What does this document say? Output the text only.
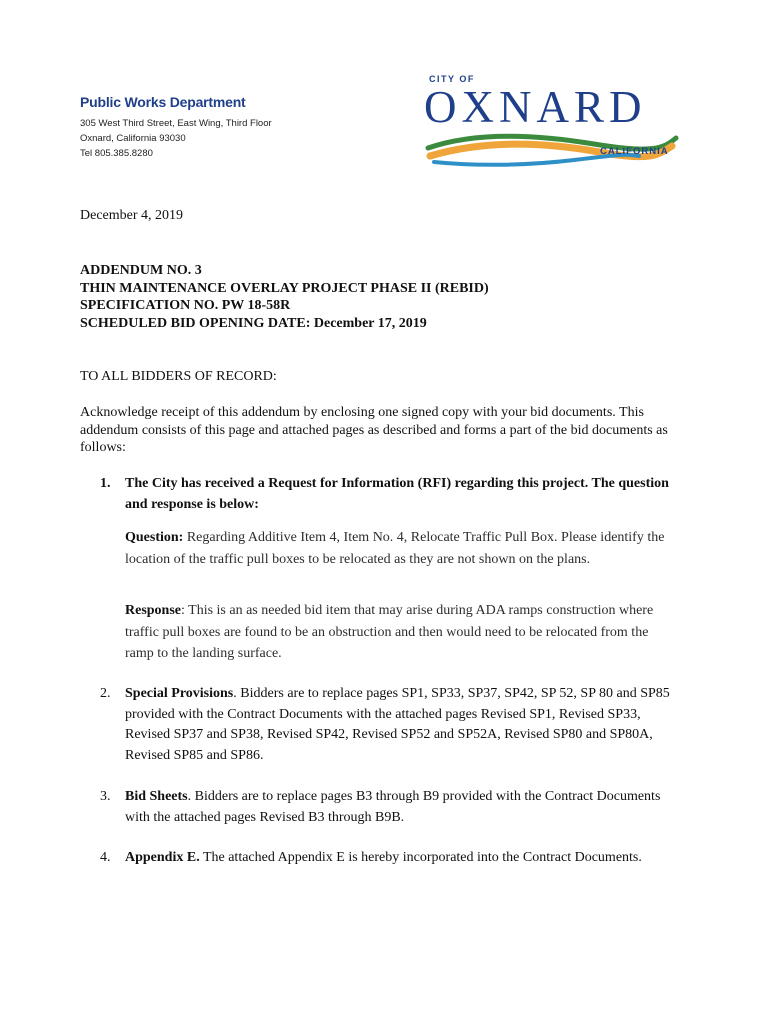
Public Works Department
305 West Third Street, East Wing, Third Floor
Oxnard, California 93030
Tel 805.385.8280
CITY OF
OXNARD
CALIFORNIA
December 4, 2019
ADDENDUM NO. 3
THIN MAINTENANCE OVERLAY PROJECT PHASE II (REBID)
SPECIFICATION NO. PW 18-58R
SCHEDULED BID OPENING DATE: December 17, 2019
TO ALL BIDDERS OF RECORD:
Acknowledge receipt of this addendum by enclosing one signed copy with your bid documents. This addendum consists of this page and attached pages as described and forms a part of the bid documents as follows:
1. The City has received a Request for Information (RFI) regarding this project. The question and response is below:
Question: Regarding Additive Item 4, Item No. 4, Relocate Traffic Pull Box. Please identify the location of the traffic pull boxes to be relocated as they are not shown on the plans.
Response: This is an as needed bid item that may arise during ADA ramps construction where traffic pull boxes are found to be an obstruction and then would need to be relocated from the ramp to the landing surface.
2. Special Provisions. Bidders are to replace pages SP1, SP33, SP37, SP42, SP 52, SP 80 and SP85 provided with the Contract Documents with the attached pages Revised SP1, Revised SP33, Revised SP37 and SP38, Revised SP42, Revised SP52 and SP52A, Revised SP80 and SP80A, Revised SP85 and SP86.
3. Bid Sheets. Bidders are to replace pages B3 through B9 provided with the Contract Documents with the attached pages Revised B3 through B9B.
4. Appendix E. The attached Appendix E is hereby incorporated into the Contract Documents.
